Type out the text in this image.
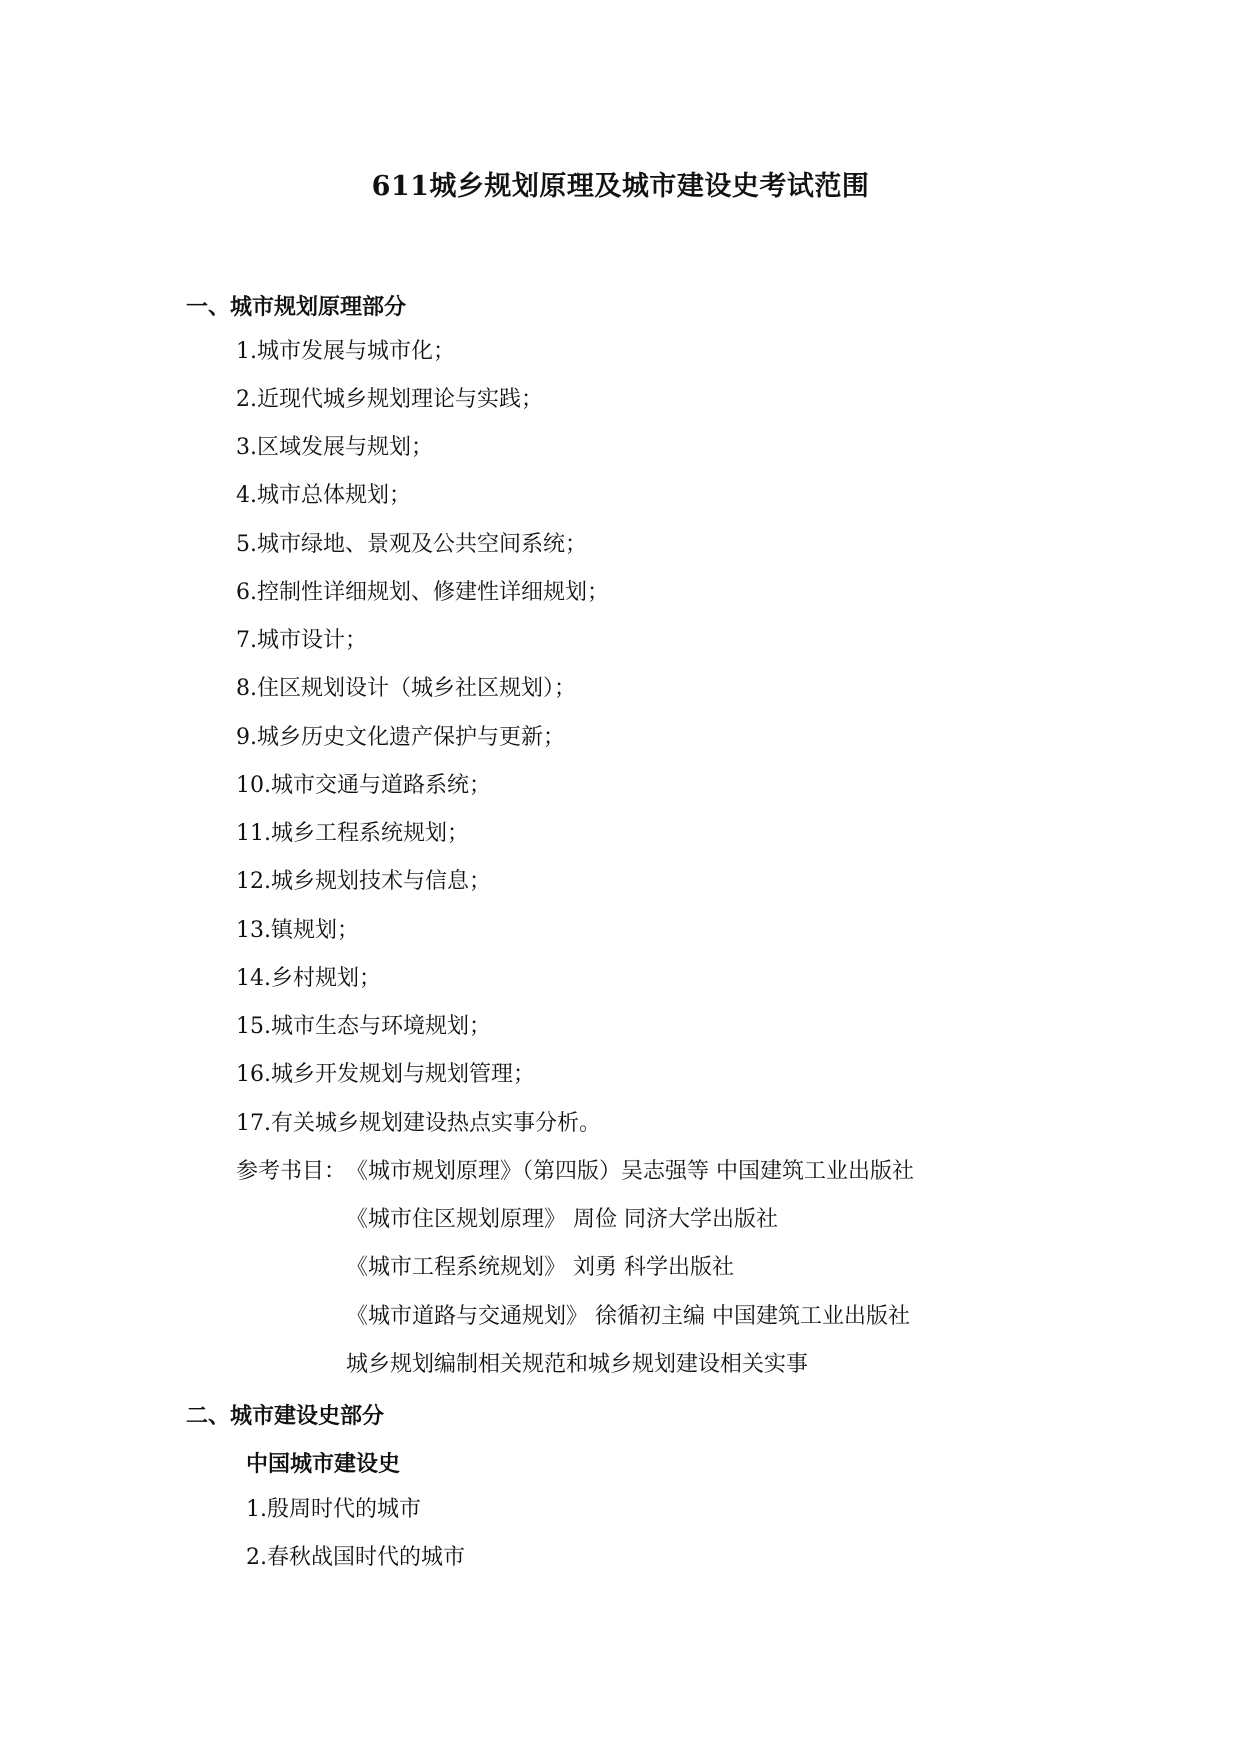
611城乡规划原理及城市建设史考试范围
一、城市规划原理部分
1.城市发展与城市化；
2.近现代城乡规划理论与实践；
3.区域发展与规划；
4.城市总体规划；
5.城市绿地、景观及公共空间系统；
6.控制性详细规划、修建性详细规划；
7.城市设计；
8.住区规划设计（城乡社区规划）；
9.城乡历史文化遗产保护与更新；
10.城市交通与道路系统；
11.城乡工程系统规划；
12.城乡规划技术与信息；
13.镇规划；
14.乡村规划；
15.城市生态与环境规划；
16.城乡开发规划与规划管理；
17.有关城乡规划建设热点实事分析。
参考书目： 《城市规划原理》（第四版）吴志强等 中国建筑工业出版社
《城市住区规划原理》 周俭 同济大学出版社
《城市工程系统规划》 刘勇 科学出版社
《城市道路与交通规划》 徐循初主编 中国建筑工业出版社
城乡规划编制相关规范和城乡规划建设相关实事
二、城市建设史部分
中国城市建设史
1.殷周时代的城市
2.春秋战国时代的城市
